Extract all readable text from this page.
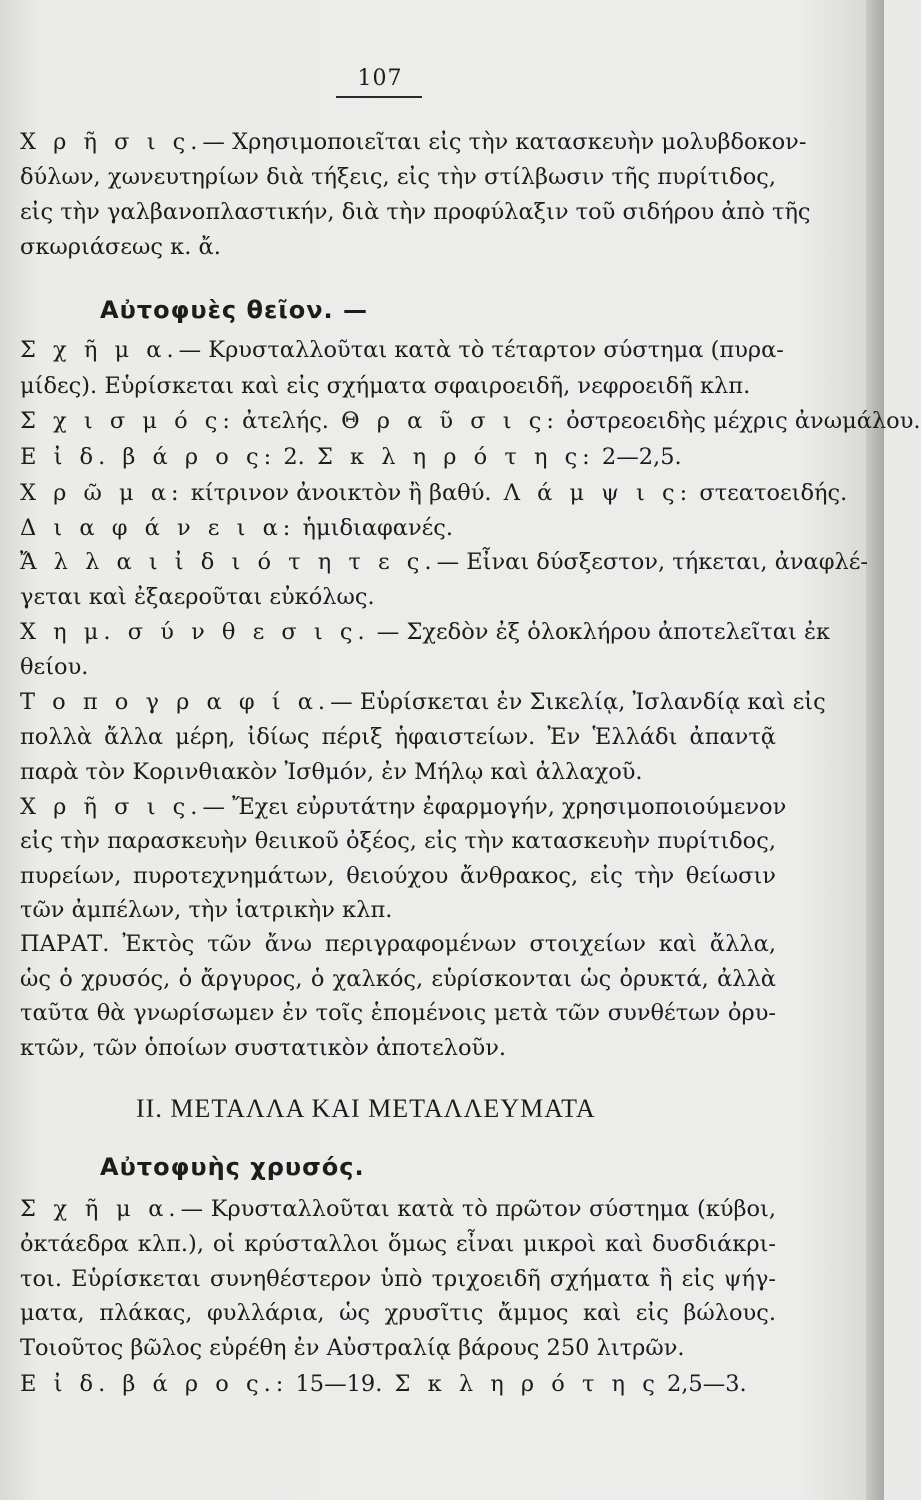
107
Χ ρ ῆ σ ι ς.— Χρησιμοποιεῖται εἰς τὴν κατασκευὴν μολυβδοκον-
δύλων, χωνευτηρίων διὰ τήξεις, εἰς τὴν στίλβωσιν τῆς πυρίτιδος,
εἰς τὴν γαλβανοπλαστικήν, διὰ τὴν προφύλαξιν τοῦ σιδήρου ἀπὸ τῆς
σκωριάσεως κ. ἄ.
Αὐτοφυὲς θεῖον. —
Σ χ ῆ μ α.— Κρυσταλλοῦται κατὰ τὸ τέταρτον σύστημα (πυρα-
μίδες). Εὑρίσκεται καὶ εἰς σχήματα σφαιροειδῆ, νεφροειδῆ κλπ.
Σ χ ι σ μ ό ς: ἀτελής. Θ ρ α ῦ σ ι ς: ὀστρεοειδὴς μέχρις ἀνωμάλου.
Ε ἰ δ. β ά ρ ο ς: 2. Σ κ λ η ρ ό τ η ς: 2—2,5.
Χ ρ ῶ μ α: κίτρινον ἀνοικτὸν ἢ βαθύ. Λ ά μ ψ ι ς: στεατοειδής.
Δ ι α φ ά ν ε ι α: ἡμιδιαφανές.
Ἄ λ λ α ι ἰ δ ι ό τ η τ ε ς.— Εἶναι δύσξεστον, τήκεται, ἀναφλέ-
γεται καὶ ἐξαεροῦται εὐκόλως.
Χ η μ. σ ύ ν θ ε σ ι ς. — Σχεδὸν ἐξ ὁλοκλήρου ἀποτελεῖται ἐκ
θείου.
Τ ο π ο γ ρ α φ ί α.— Εὑρίσκεται ἐν Σικελίᾳ, Ἰσλανδίᾳ καὶ εἰς
πολλὰ ἄλλα μέρη, ἰδίως πέριξ ἡφαιστείων. Ἐν Ἑλλάδι ἀπαντᾷ
παρὰ τὸν Κορινθιακὸν Ἰσθμόν, ἐν Μήλῳ καὶ ἀλλαχοῦ.
Χ ρ ῆ σ ι ς.— Ἔχει εὐρυτάτην ἐφαρμογήν, χρησιμοποιούμενον
εἰς τὴν παρασκευὴν θειικοῦ ὀξέος, εἰς τὴν κατασκευὴν πυρίτιδος,
πυρείων, πυροτεχνημάτων, θειούχου ἄνθρακος, εἰς τὴν θείωσιν
τῶν ἀμπέλων, τὴν ἰατρικὴν κλπ.
ΠΑΡΑΤ. Ἐκτὸς τῶν ἄνω περιγραφομένων στοιχείων καὶ ἄλλα,
ὡς ὁ χρυσός, ὁ ἄργυρος, ὁ χαλκός, εὑρίσκονται ὡς ὀρυκτά, ἀλλὰ
ταῦτα θὰ γνωρίσωμεν ἐν τοῖς ἑπομένοις μετὰ τῶν συνθέτων ὀρυ-
κτῶν, τῶν ὁποίων συστατικὸν ἀποτελοῦν.
ΙΙ. ΜΕΤΑΛΛΑ ΚΑΙ ΜΕΤΑΛΛΕΥΜΑΤΑ
Αὐτοφυὴς χρυσός.
Σ χ ῆ μ α.— Κρυσταλλοῦται κατὰ τὸ πρῶτον σύστημα (κύβοι,
ὀκτάεδρα κλπ.), οἱ κρύσταλλοι ὅμως εἶναι μικροὶ καὶ δυσδιάκρι-
τοι. Εὑρίσκεται συνηθέστερον ὑπὸ τριχοειδῆ σχήματα ἢ εἰς ψήγ-
ματα, πλάκας, φυλλάρια, ὡς χρυσῖτις ἄμμος καὶ εἰς βώλους.
Τοιοῦτος βῶλος εὑρέθη ἐν Αὐστραλίᾳ βάρους 250 λιτρῶν.
Ε ἰ δ. β ά ρ ο ς.: 15—19. Σ κ λ η ρ ό τ η ς 2,5—3.
